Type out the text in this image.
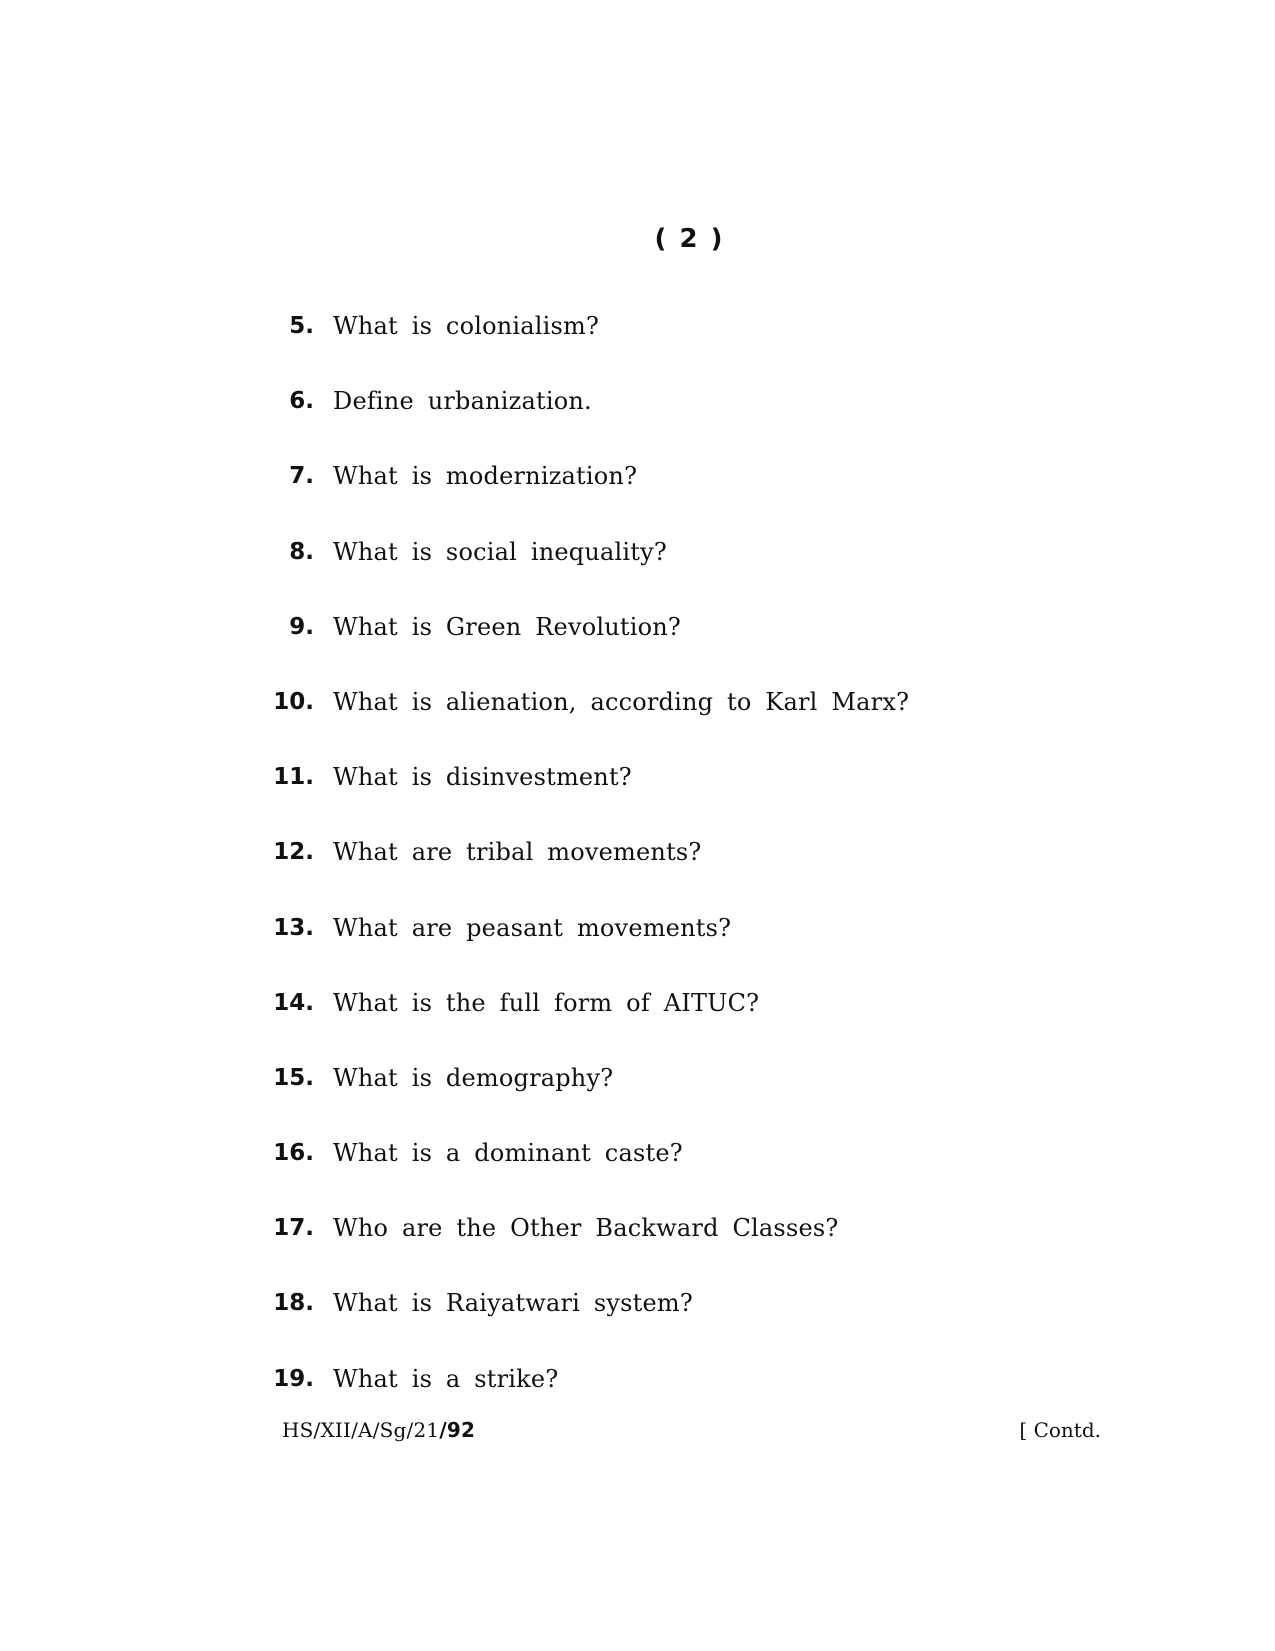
( 2 )
5. What is colonialism?
6. Define urbanization.
7. What is modernization?
8. What is social inequality?
9. What is Green Revolution?
10. What is alienation, according to Karl Marx?
11. What is disinvestment?
12. What are tribal movements?
13. What are peasant movements?
14. What is the full form of AITUC?
15. What is demography?
16. What is a dominant caste?
17. Who are the Other Backward Classes?
18. What is Raiyatwari system?
19. What is a strike?
HS/XII/A/Sg/21/92	[ Contd.
